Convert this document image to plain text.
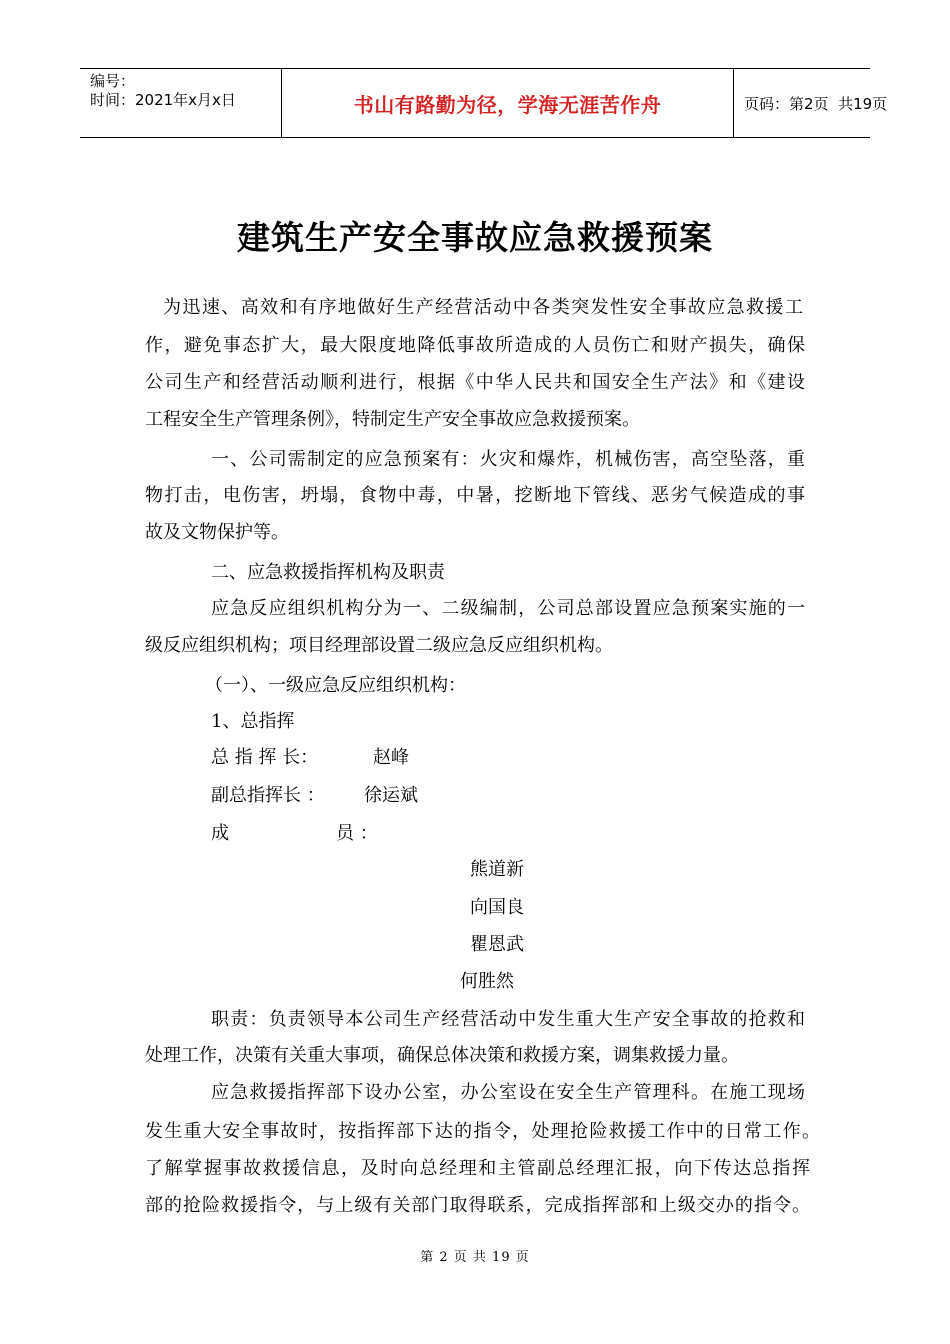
编号：
时间：2021年x月x日	书山有路勤为径，学海无涯苦作舟	页码：第2页  共19页
建筑生产安全事故应急救援预案
为迅速、高效和有序地做好生产经营活动中各类突发性安全事故应急救援工
作，避免事态扩大，最大限度地降低事故所造成的人员伤亡和财产损失，确保
公司生产和经营活动顺利进行，根据《中华人民共和国安全生产法》和《建设
工程安全生产管理条例》，特制定生产安全事故应急救援预案。
一、公司需制定的应急预案有：火灾和爆炸，机械伤害，高空坠落，重
物打击，电伤害，坍塌，食物中毒，中暑，挖断地下管线、恶劣气候造成的事
故及文物保护等。
二、应急救援指挥机构及职责
应急反应组织机构分为一、二级编制，公司总部设置应急预案实施的一
级反应组织机构；项目经理部设置二级应急反应组织机构。
（一）、一级应急反应组织机构：
1、总指挥
总 指 挥 长：	赵峰
副总指挥长 ： 徐运斌
成	员 ：
熊道新
向国良
瞿恩武
何胜然
职责：负责领导本公司生产经营活动中发生重大生产安全事故的抢救和
处理工作，决策有关重大事项，确保总体决策和救援方案，调集救援力量。
应急救援指挥部下设办公室，办公室设在安全生产管理科。在施工现场
发生重大安全事故时，按指挥部下达的指令，处理抢险救援工作中的日常工作。
了解掌握事故救援信息，及时向总经理和主管副总经理汇报，向下传达总指挥
部的抢险救援指令，与上级有关部门取得联系，完成指挥部和上级交办的指令。
第 2 页 共 19 页
